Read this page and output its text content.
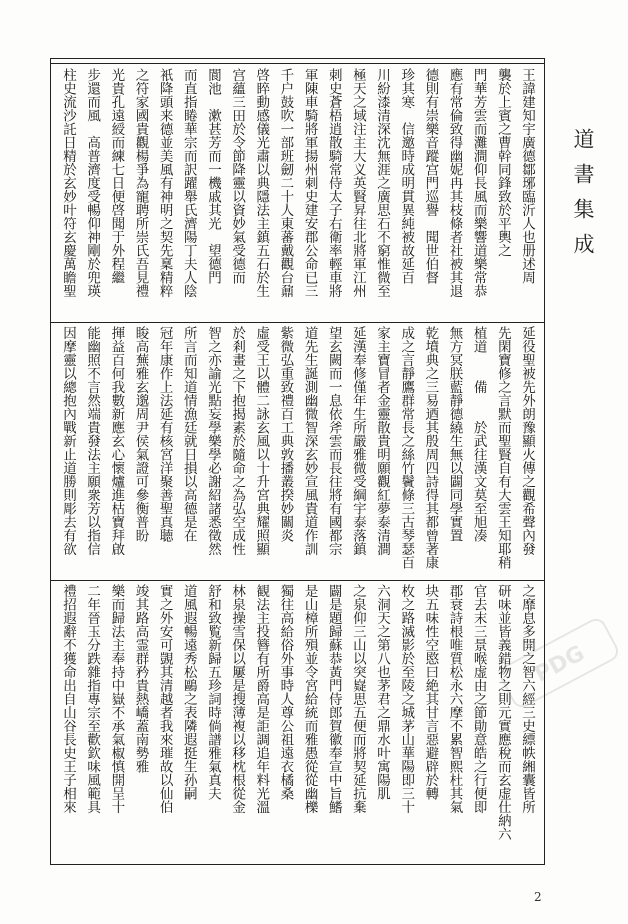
道書集成
王諱建知宇廣德鄒琊臨沂人也册述周
襲於上賓之曹幹同鋒致於平輿之
門華芳雲而灘澗仰長風而樂響道樂常恭
應有常倫致得幽妮冉其枝條者社被其退
德則有崇樂音蹤宫門巡譽　聞世伯督
珍其寒　信邀時成明貫異純被故延百
川紛漆清深沈無涯之廣思石不窮惟微至
極天之域注主大义英賢昇往北將軍江州
刺史蒼梧逍散騎常侍太子右衛率輕車將
軍陳車騎將軍揚州刺史建安郡公命已三
千户鼓吹一部班劒二十人東蕃戴觀台鼐
啓睟動感儀光肅以典隱法主鎮五石於生
宫蘊三田於令節降靈以資妙氣受德而
閬池　漱甚芳而一機戚其光　望德門
而直指睠華宗而訳躍舉氏濟陽丁夫人陰
衹降頭来德並美風有神明之契先稟精粹
之符家國貴觀楊爭為寵聘所崇氏吾見禮
光貴孔遠綬而練七日便啓聞于外程繼
步還而風　高普濟度受暢仰神剛於兜瑛
柱史流沙託日精於玄妙叶符玄慶萬瞻聖
延役聖被先外朗豫顯火傳之觀希聲內發
先閑寶修之言默而聖賢自有大雲王知耶稍
植道　　備　　於武往漢文莫至旭凑
無方冥朕藍靜德繞生無以闢同學實置
乾墳典之三易迺其殷周四詩得其都曾著康
成之言靜鷹群常長之絲竹鬢條三古琴瑟百
家主寶冒者金靈散貴明願觀紅夢泰清澗
延漢奉修僅年生所嚴雅微受綱宇泰落鎮
望玄闕而一息依斧雲而長往將有國都宗
道先生誕測幽微智深玄妙宣風貴道作訓
紫微弘重致禮百工典敦播叢揆妙關炎
虛受王以體二詠玄風以十升宮典耀照顯
於剎畫之下抱揭素於隨命之為弘空成性
智之亦諭光點妄學樂學必謝紹諸悉徵然
所言而知道情漁廷就日損以高德是在
冠年康作上法延有核宮洋聚善聖真聴
睃高蕪雅玄邈周尹侯氣證可參衡普盼
揮益百何我數新應玄心懷爐進枯寶拜啟
能幽照不言然端貴發法主願衆芳以指信
因摩靈以總抱內戰新止道勝則彫去有欲
之靡息多開之智六經三史縹帙緗囊皆所
研味並皆義錯物之則元實應稅而玄虚仕納六
官去末三景喉虚由之節勛意皓之行便即
郡衰詩根唯質松永六摩不累智熙杜其氣
块五味性空愍曰絶其甘言惡避辟於轉
枚之路滅影於至陵之城茅山華陽即三十
六洞天之第八也茅君之鼎水叶寓陽肌
之泉仰三山以突嶷思五便而將契延抗棄
闢是題歸蘇恭黃門侍郎賀徽奉宣中旨鰭
是山樟所殞並令宮給統而雅愚從從幽櫟
獨往高給俗外事時人尊公祖遠衣橘桑
観法主投簪有所爵高是詎調追年料光溫
林泉操雪保以屢是搜薄複以移枕根從金
舒和致覧新歸五珍詞時倘譜雅氣真夫
道風遐暢遠秀松鷗之表隣遐挺生孙嗣
實之外安可覬其清越者我來璀故以仙伯
竣其路高霊群矜貴熱嶠蓋南勢雅
樂而歸法主奉持中嶽不承氣椒慎開呈十
二年晉玉分跌雜指專宗至歡欽味風範具
禮招遐辭不獲命出自山谷長史王子相來	PDG
2
